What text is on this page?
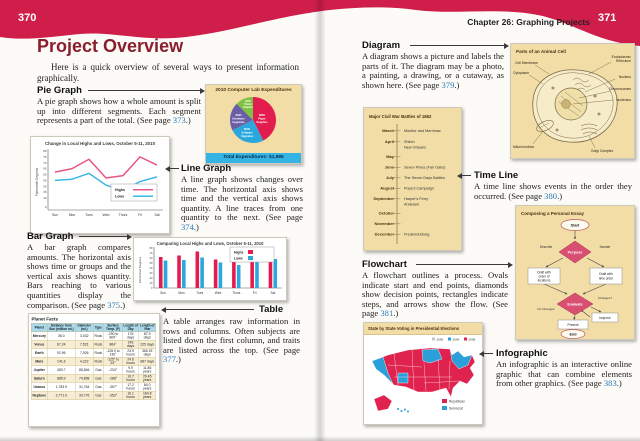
370	371
Chapter 26: Graphing Projects
Project Overview
Here is a quick overview of several ways to present information graphically.
Pie Graph
A pie graph shows how a whole amount is split up into different segments. Each segment represents a part of the total. (See page 373.)
2010 Computer Lab Expenditures
$850
Paper
Supplies
$500
Software
Upgrades
$395
Hardware
Upgrades
$250
Printer
Supplies
Total Expenditures: $1,995
Change in Local Highs and Lows, October 5-11, 2010
Fahrenheit Degrees
80
75
70
65
60
55
50
45
40
0
Sun	Mon	Tues	Wed	Thurs	Fri	Sat
Highs
Lows
Line Graph
A line graph shows changes over time. The horizontal axis shows time and the vertical axis shows quantity. A line traces from one quantity to the next. (See page 374.)
Bar Graph
A bar graph compares amounts. The horizontal axis shows time or groups and the vertical axis shows quantity. Bars reaching to various quantities display the comparison. (See page 375.)
Comparing Local Highs and Lows, October 5-11, 2010
Fahrenheit Degrees
80
70
60
50
40
30
20
10
0
Sun	Mon	Tues	Wed	Thurs	Fri	Sat
Highs
Lows
Table
A table arranges raw information in rows and columns. Often subjects are listed down the first column, and traits are listed across the top. (See page 377.)
Planet Facts
Planet	Distance from Sun (million mi.)	Diameter (mi.)	Type	Surface Temp. (F)	Length of Day	Length of Year
Mercury	36.0	3,032	Rock	-290 to 800°	176 days	87.9 days
Venus	67.24	7,521	Rock	864°	243 days	225 days
Earth	92.96	7,926	Rock	-128.9 to 136°	23.9 hours	365.25 days
Mars	141.6	4,222	Rock	-125° to 23°	24.6 hours	687 days
Jupiter	483.7	88,846	Gas	-234°	9.9 hours	11.86 years
Saturn	885.9	74,898	Gas	-288°	10.7 hours	29.45 years
Uranus	1,783.9	31,764	Gas	-357°	17.2 hours	84.0 years
Neptune	2,771.0	30,776	Gas	-353°	16.1 hours	164.8 years
Diagram
A diagram shows a picture and labels the parts of it. The diagram may be a photo, a painting, a drawing, or a cutaway, as shown here. (See page 379.)
Parts of an Animal Cell
Cell Membrane
Cytoplasm
Endoplasmic
Reticulum
Nucleus
Chromosomes
Nucleolus
Mitochondrion
Golgi Complex
Major Civil War Battles of 1862
March
April
May
June
July
August
September
October
November
December
Monitor and Merrimac
Shiloh
New Orleans
Seven Pines (Fair Oaks)
The Seven Days Battles
Pope's Campaign
Harper's Ferry
Antietam
Fredericksburg
Time Line
A time line shows events in the order they occurred. (See page 380.)
Flowchart
A flowchart outlines a process. Ovals indicate start and end points, diamonds show decision points, rectangles indicate steps, and arrows show the flow. (See page 381.)
Composing a Personal Essay
Start
Purpose
Describe	Narrate
Draft with
order of
locations
Draft with
time order
Evaluate
Changes?
Improve
No Changes
Present
End
State by State Voting in Presidential Elections
2000	2004	2008
Republican
Democrat
Infographic
An infographic is an interactive online graphic that can combine elements from other graphics. (See page 383.)
